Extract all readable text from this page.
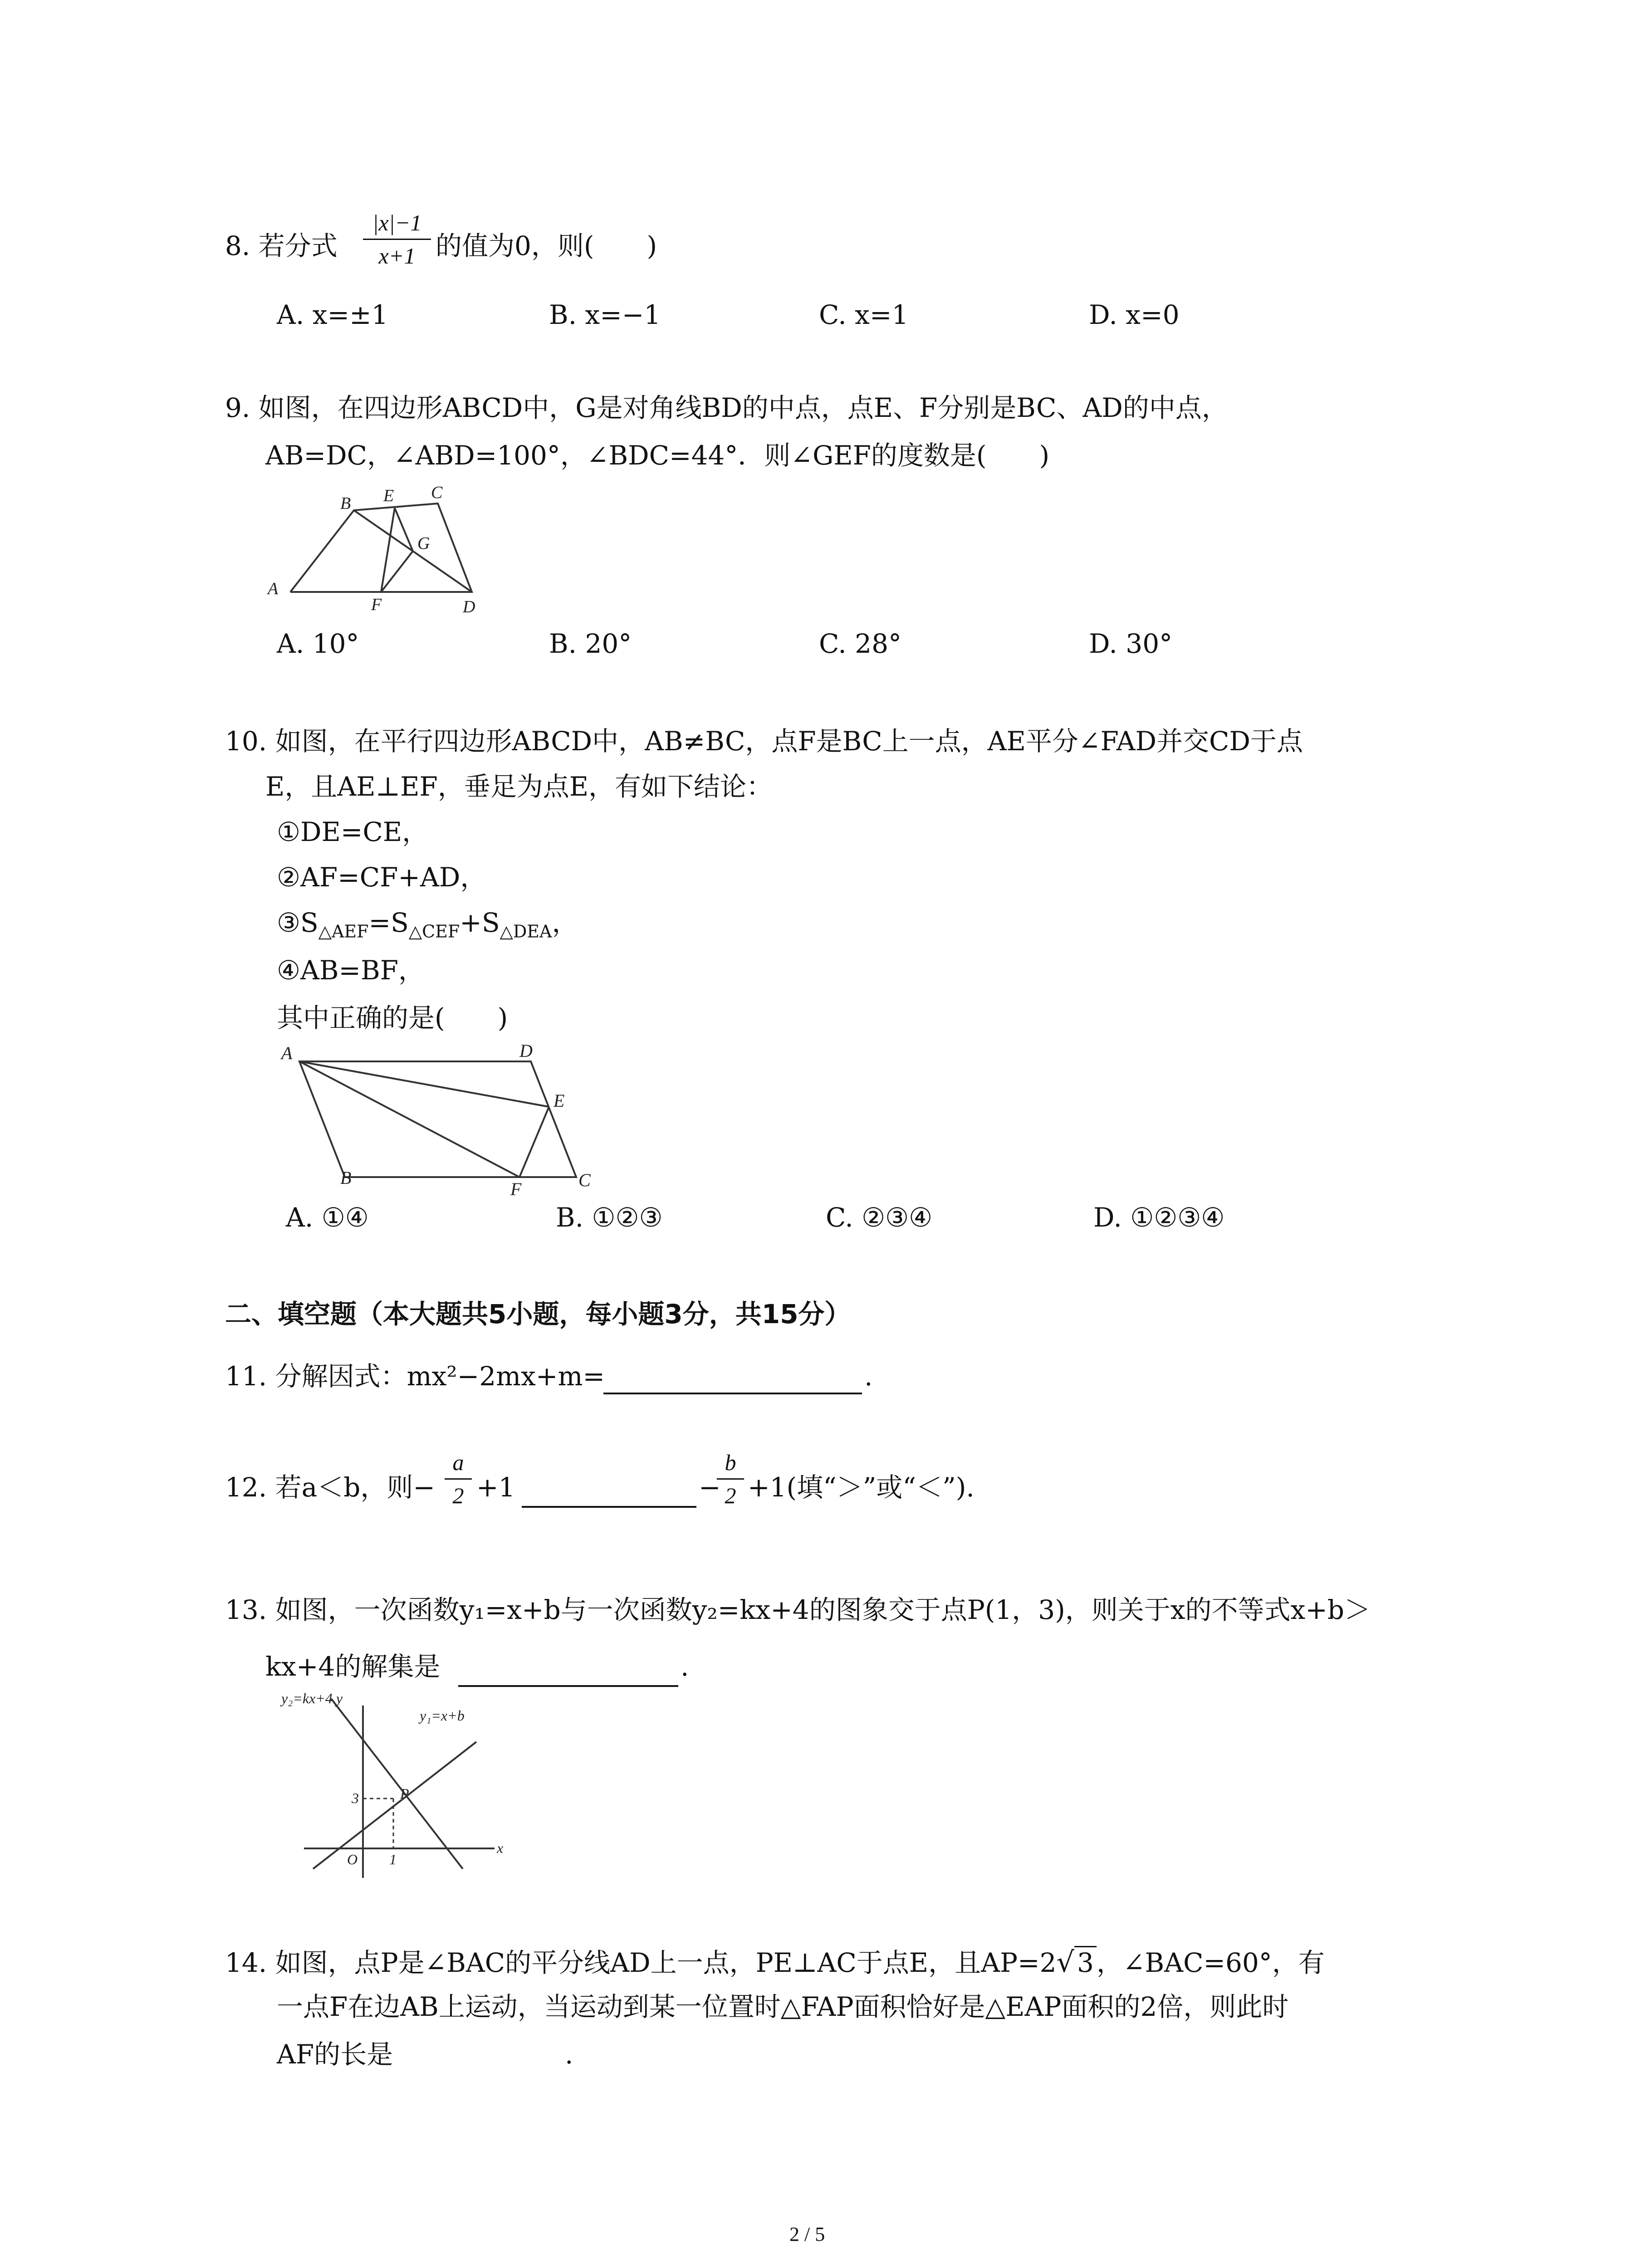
8. 若分式
|x|−1
x+1 的值为0，则(　　)
A. x=±1	B. x=−1	C. x=1	D. x=0
9. 如图，在四边形ABCD中，G是对角线BD的中点，点E、F分别是BC、AD的中点，
AB=DC，∠ABD=100°，∠BDC=44°．则∠GEF的度数是(　　)
A
B E C
G
F	D
A. 10°	B. 20°	C. 28°	D. 30°
10. 如图，在平行四边形ABCD中，AB≠BC，点F是BC上一点，AE平分∠FAD并交CD于点
E，且AE⊥EF，垂足为点E，有如下结论：
①DE=CE，
②AF=CF+AD，
$③S_{\triangle AEF}=S_{\triangle CEF}+S_{\triangle DEA}$，
④AB=BF，
其中正确的是(　　)
A	D
E
B
F	C
A. ①④	B. ①②③	C. ②③④	D. ①②③④
二、填空题（本大题共5小题，每小题3分，共15分）
11. 分解因式：mx²−2mx+m=	.
12. 若a＜b，则−
a
2 +1	−
b
2 +1(填“＞”或“＜”).
13. 如图，一次函数y₁=x+b与一次函数y₂=kx+4的图象交于点P(1，3)，则关于x的不等式x+b＞
kx+4的解集是	.
y₂=kx+4 y
y₁=x+b
3	P
O 1
x
14. 如图，点P是∠BAC的平分线AD上一点，PE⊥AC于点E，且AP=2√ 3 ，∠BAC=60°，有
一点F在边AB上运动，当运动到某一位置时△FAP面积恰好是△EAP面积的2倍，则此时
AF的长是	.
2 / 5
